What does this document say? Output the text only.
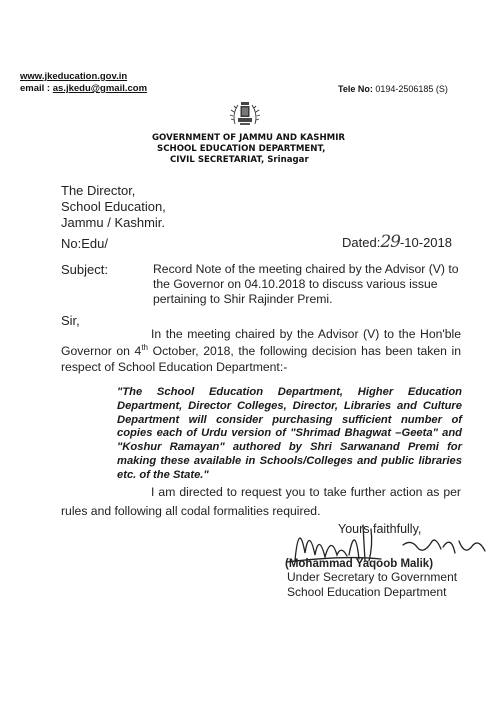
www.jkeducation.gov.in
email : as.jkedu@gmail.com	Tele No: 0194-2506185 (S)
GOVERNMENT OF JAMMU AND KASHMIR
SCHOOL EDUCATION DEPARTMENT,
CIVIL SECRETARIAT, Srinagar
The Director,
School Education,
Jammu / Kashmir.
No:Edu/	Dated:29-10-2018
Subject:	Record Note of the meeting chaired by the Advisor (V) to the Governor on 04.10.2018 to discuss various issue pertaining to Shir Rajinder Premi.
Sir,
In the meeting chaired by the Advisor (V) to the Hon'ble Governor on 4th October, 2018, the following decision has been taken in respect of School Education Department:-
"The School Education Department, Higher Education Department, Director Colleges, Director, Libraries and Culture Department will consider purchasing sufficient number of copies each of Urdu version of "Shrimad Bhagwat –Geeta" and "Koshur Ramayan" authored by Shri Sarwanand Premi for making these available in Schools/Colleges and public libraries etc. of the State."
I am directed to request you to take further action as per rules and following all codal formalities required.
Yours faithfully,
(Mohammad Yaqoob Malik)
Under Secretary to Government
School Education Department
